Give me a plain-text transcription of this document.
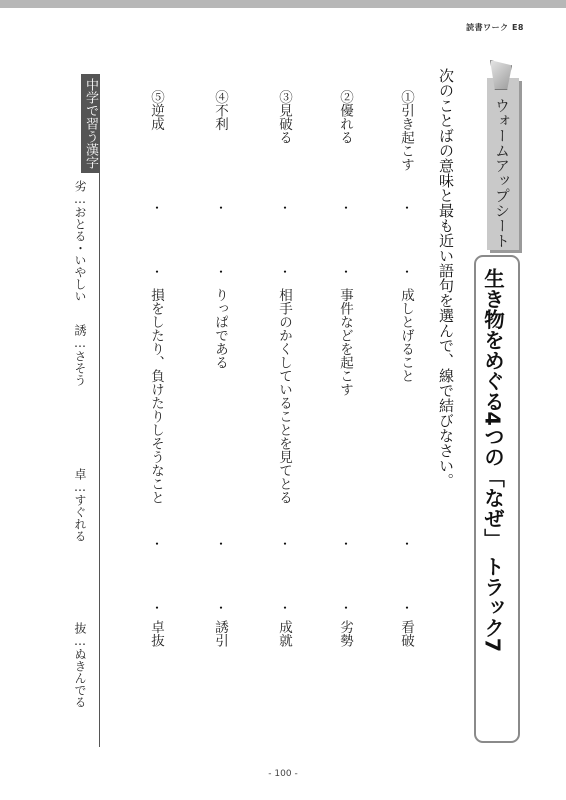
読書ワーク E8
生き物をめぐる4つの「なぜ」 トラック7
ウォームアップシート
次のことばの意味と最も近い語句を選んで、線で結びなさい。
①引き起こす
・
・
成しとげること
・
・
看破
②優れる
・
・
事件などを起こす
・
・
劣勢
③見破る
・
・
相手のかくしていることを見てとる
・
・
成就
④不利
・
・
りっぱである
・
・
誘引
⑤逆成
・
・
損をしたり、負けたりしそうなこと
・
・
卓抜
中学で習う漢字
劣…おとる・いやしい
誘…さそう
卓…すぐれる
抜…ぬきんでる
‐ 100 ‐
